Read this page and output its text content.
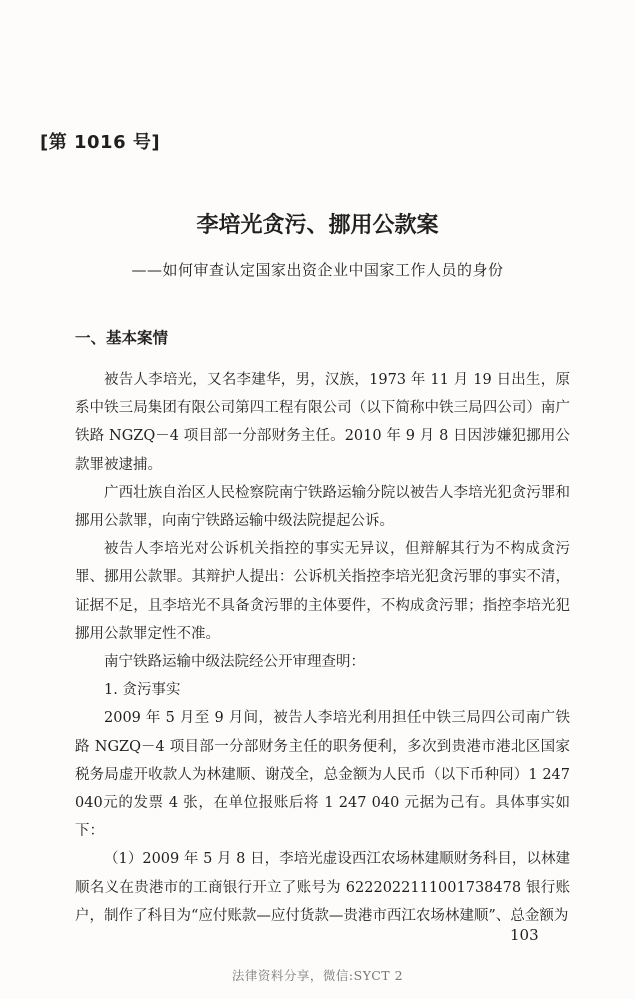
[第 1016 号]
李培光贪污、挪用公款案
——如何审查认定国家出资企业中国家工作人员的身份
一、基本案情

被告人李培光，又名李建华，男，汉族，1973 年 11 月 19 日出生，原系中铁三局集团有限公司第四工程有限公司（以下简称中铁三局四公司）南广铁路 NGZQ－4 项目部一分部财务主任。2010 年 9 月 8 日因涉嫌犯挪用公款罪被逮捕。

广西壮族自治区人民检察院南宁铁路运输分院以被告人李培光犯贪污罪和挪用公款罪，向南宁铁路运输中级法院提起公诉。

被告人李培光对公诉机关指控的事实无异议，但辩解其行为不构成贪污罪、挪用公款罪。其辩护人提出：公诉机关指控李培光犯贪污罪的事实不清，证据不足，且李培光不具备贪污罪的主体要件，不构成贪污罪；指控李培光犯挪用公款罪定性不准。

南宁铁路运输中级法院经公开审理查明：

1. 贪污事实

2009 年 5 月至 9 月间，被告人李培光利用担任中铁三局四公司南广铁路 NGZQ－4 项目部一分部财务主任的职务便利，多次到贵港市港北区国家税务局虚开收款人为林建顺、谢茂全，总金额为人民币（以下币种同）1 247 040元的发票 4 张，在单位报账后将 1 247 040 元据为己有。具体事实如下：

（1）2009 年 5 月 8 日，李培光虚设西江农场林建顺财务科目，以林建顺名义在贵港市的工商银行开立了账号为 6222022111001738478 银行账户，制作了科目为“应付账款—应付货款—贵港市西江农场林建顺”、总金额为

103
法律资料分享，微信:SYCT 2
